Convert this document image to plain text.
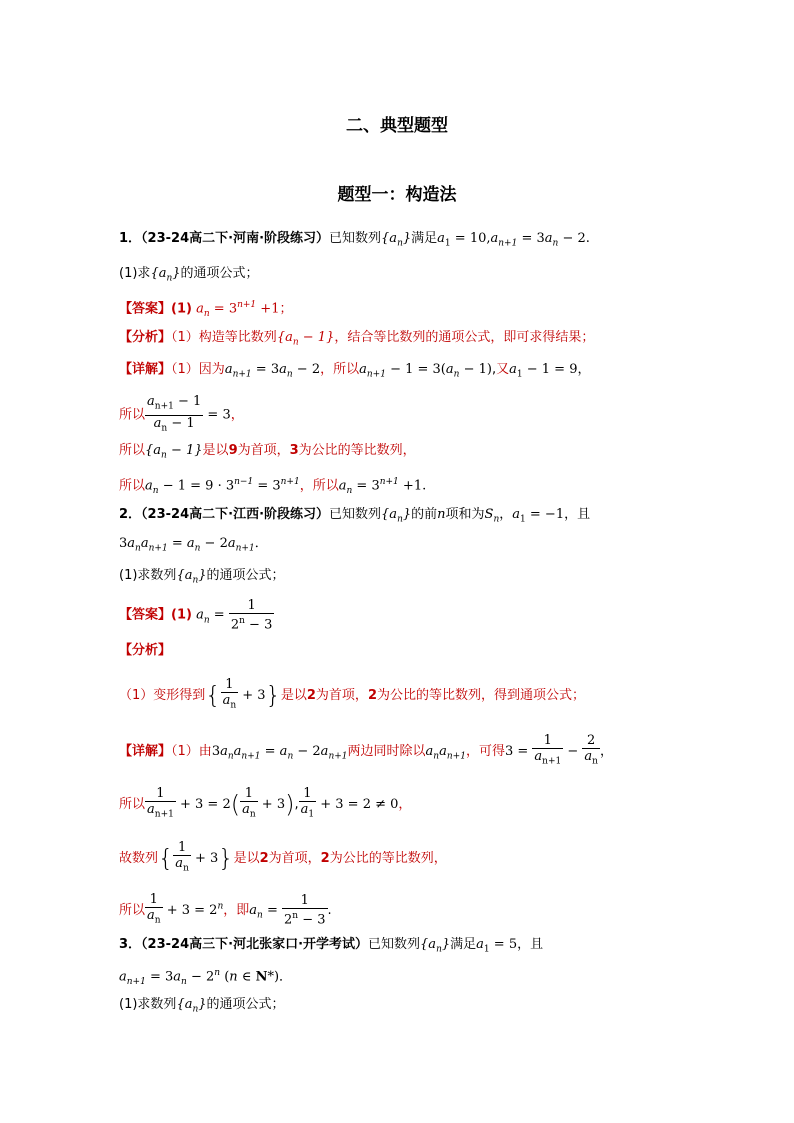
二、典型题型
题型一：构造法
1．（23-24高二下·河南·阶段练习）已知数列$\{a_n\}$满足$a_1 = 10,a_{n+1} = 3a_n - 2$.
(1)求$\{a_n\}$的通项公式；
【答案】(1) $a_n = 3^{n+1} +1$；
【分析】（1）构造等比数列$\{a_n - 1\}$，结合等比数列的通项公式，即可求得结果；
【详解】（1）因为$a_{n+1} = 3a_n - 2$，所以$a_{n+1} - 1 = 3(a_n - 1)$,又$a_1 - 1 = 9$，
所以 $\frac{a_{n+1} - 1}{a_n - 1} = 3$，
所以$\{a_n - 1\}$是以9为首项，3为公比的等比数列，
所以$a_n - 1 = 9 \cdot 3^{n-1} = 3^{n+1}$，所以$a_n = 3^{n+1} +1$.
2．（23-24高二下·江西·阶段练习）已知数列$\{a_n\}$的前n项和为$S_n$，$a_1 = -1$，且
$3a_na_{n+1} = a_n - 2a_{n+1}$．
(1)求数列$\{a_n\}$的通项公式；
【答案】(1) $a_n = \frac{1}{2^n - 3}$
【分析】
（1）变形得到{ $\frac{1}{a_n} + 3$}是以2为首项，2为公比的等比数列，得到通项公式；
【详解】（1）由$3a_na_{n+1} = a_n - 2a_{n+1}$两边同时除以$a_na_{n+1}$，可得$3 = \frac{1}{a_{n+1}} - \frac{2}{a_n}$ ，
所以 $\frac{1}{a_{n+1}} + 3 = 2( \frac{1}{a_n} + 3)$, $\frac{1}{a_1} + 3 = 2 \ne 0$，
故数列{ $\frac{1}{a_n} + 3$}是以2为首项，2为公比的等比数列，
所以 $\frac{1}{a_n} + 3 = 2^n$，即$a_n = \frac{1}{2^n - 3}$ .
3．（23-24高三下·河北张家口·开学考试）已知数列$\{a_n\}$满足$a_1 = 5$，且
$a_{n+1} = 3a_n - 2^n$ (n ∈ N*)．
(1)求数列$\{a_n\}$的通项公式；
